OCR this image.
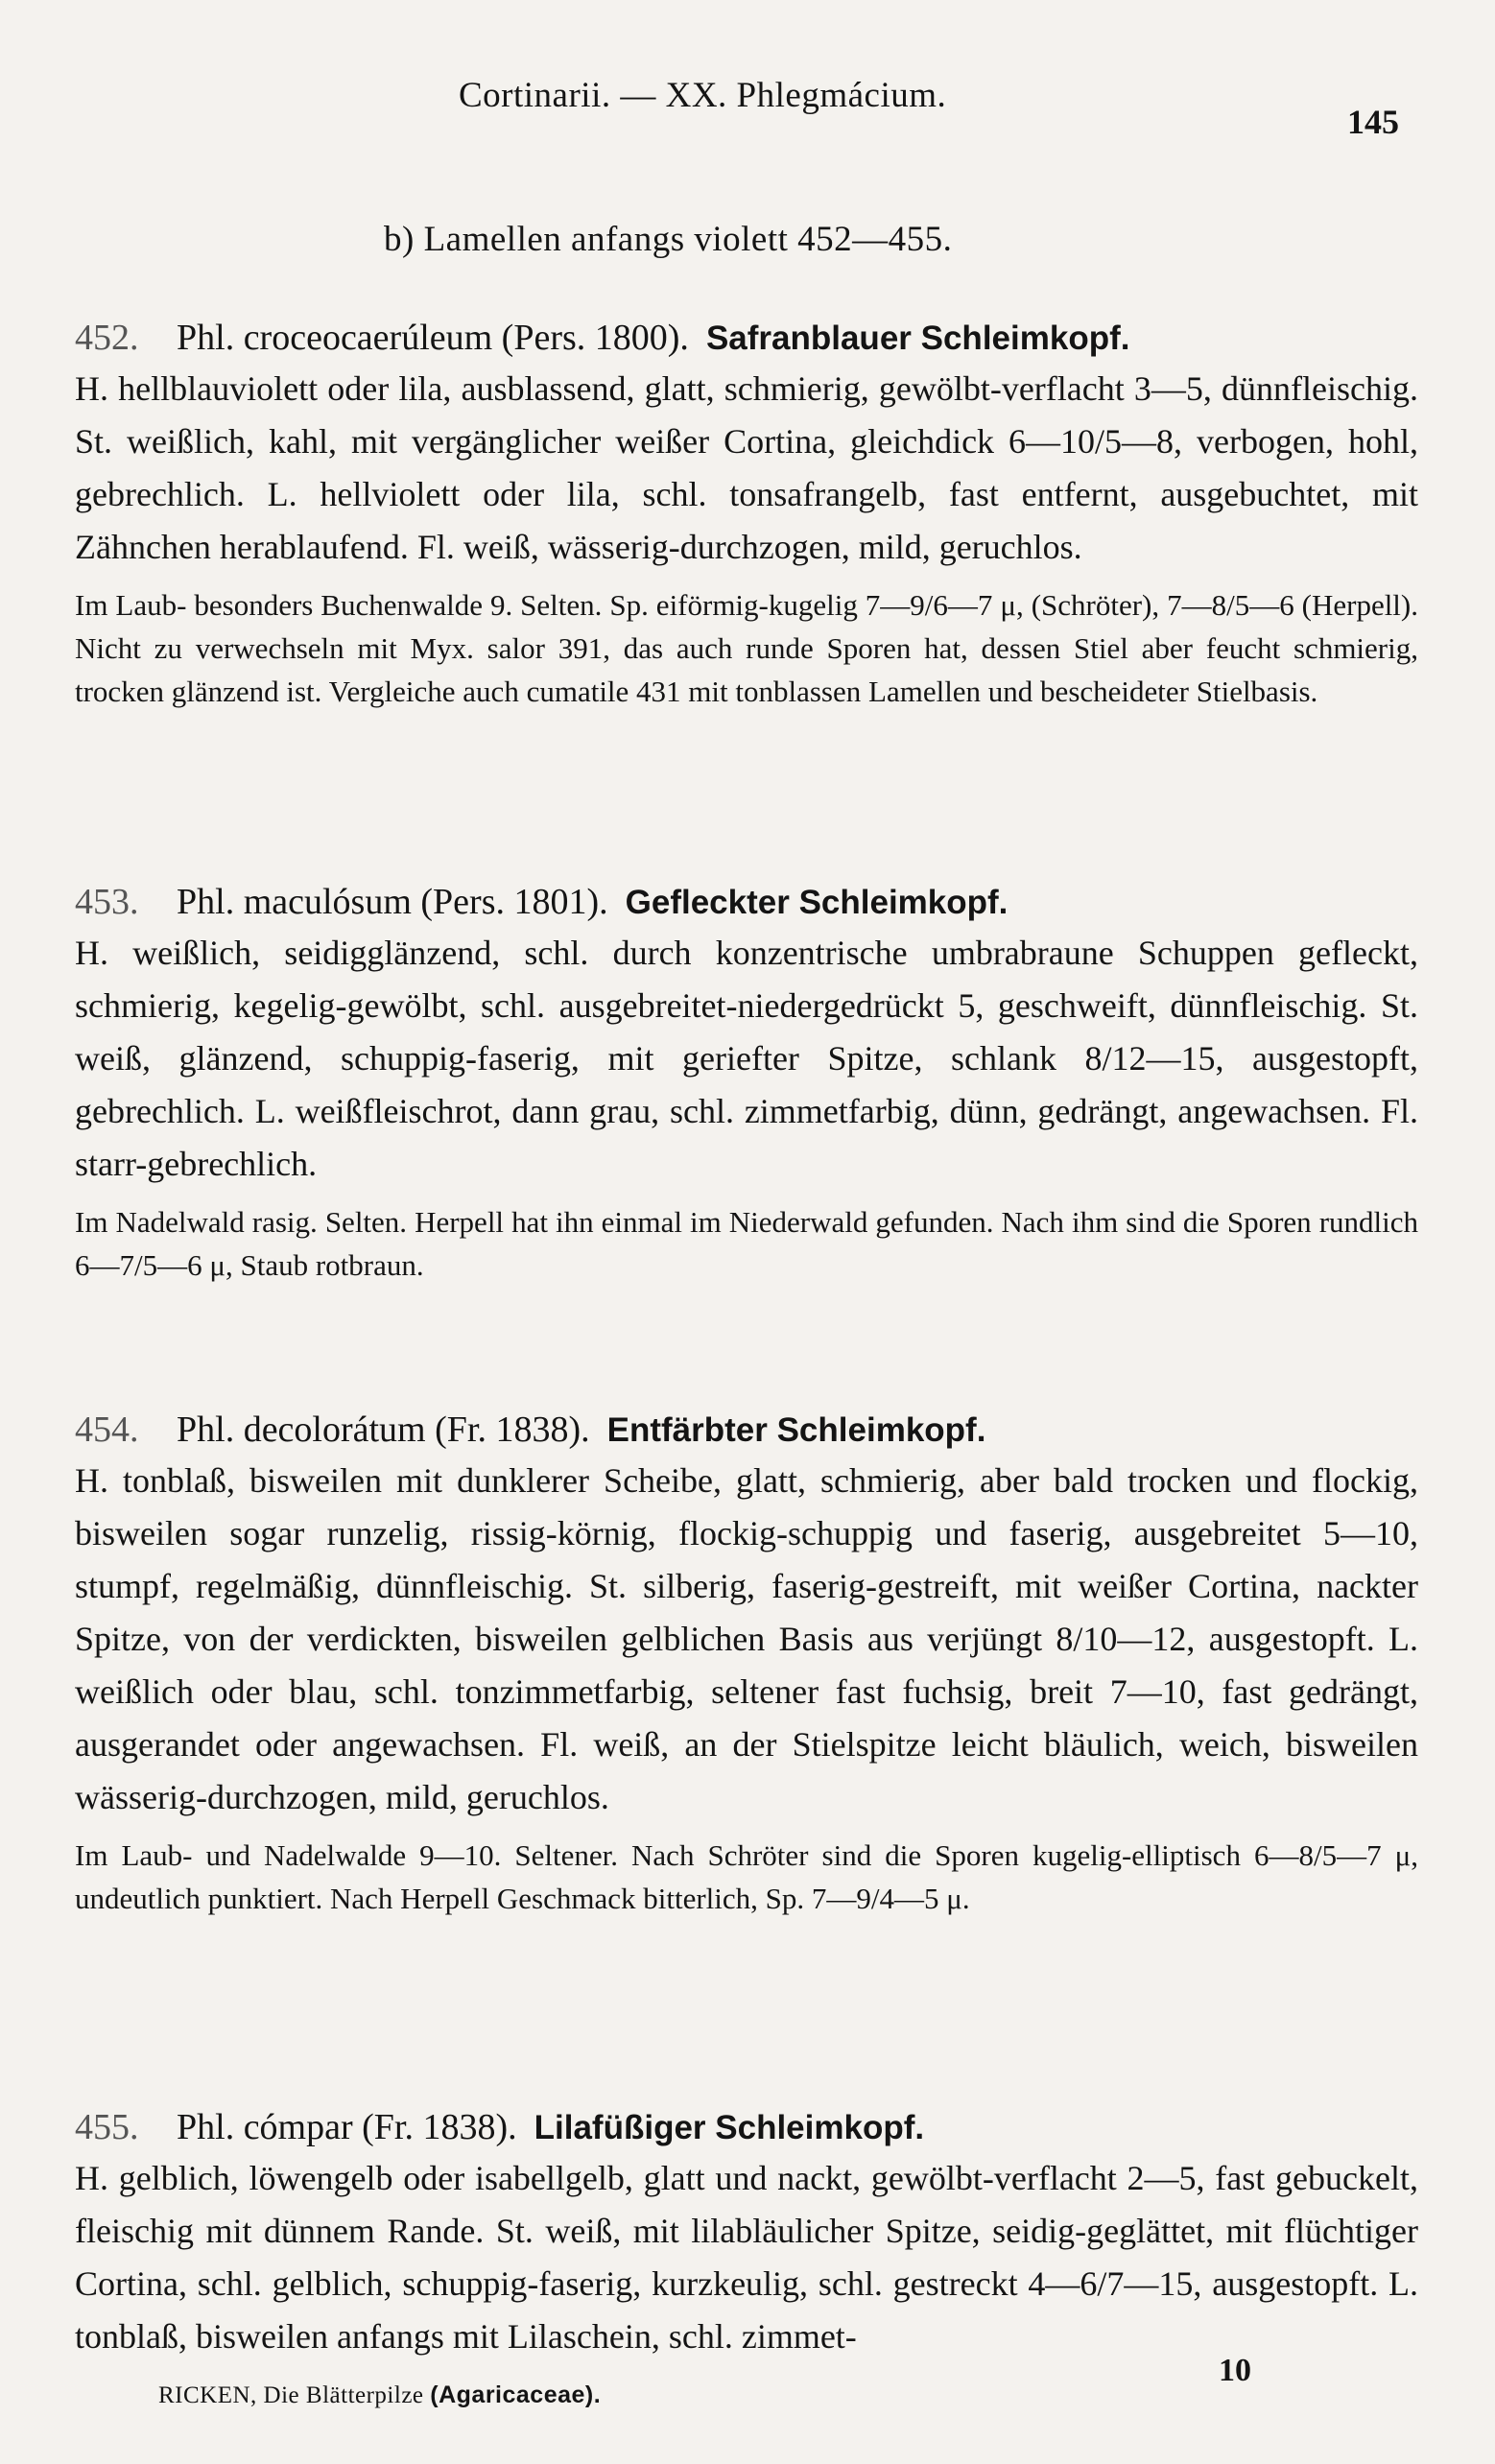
Cortinarii. — XX. Phlegmácium.
145
b) Lamellen anfangs violett 452—455.

452. Phl. croceocaerúleum (Pers. 1800). Safranblauer Schleimkopf.

H. hellblauviolett oder lila, ausblassend, glatt, schmierig, gewölbt-verflacht 3—5, dünnfleischig. St. weißlich, kahl, mit vergänglicher weißer Cortina, gleichdick 6—10/5—8, verbogen, hohl, gebrechlich. L. hellviolett oder lila, schl. tonsafrangelb, fast entfernt, ausgebuchtet, mit Zähnchen herablaufend. Fl. weiß, wässerig-durchzogen, mild, geruchlos.

Im Laub- besonders Buchenwalde 9. Selten. Sp. eiförmig-kugelig 7—9/6—7 μ, (Schröter), 7—8/5—6 (Herpell). Nicht zu verwechseln mit Myx. salor 391, das auch runde Sporen hat, dessen Stiel aber feucht schmierig, trocken glänzend ist. Vergleiche auch cumatile 431 mit tonblassen Lamellen und bescheideter Stielbasis.

453. Phl. maculósum (Pers. 1801). Gefleckter Schleimkopf.

H. weißlich, seidigglänzend, schl. durch konzentrische umbrabraune Schuppen gefleckt, schmierig, kegelig-gewölbt, schl. ausgebreitet-niedergedrückt 5, geschweift, dünnfleischig. St. weiß, glänzend, schuppig-faserig, mit geriefter Spitze, schlank 8/12—15, ausgestopft, gebrechlich. L. weißfleischrot, dann grau, schl. zimmetfarbig, dünn, gedrängt, angewachsen. Fl. starr-gebrechlich.

Im Nadelwald rasig. Selten. Herpell hat ihn einmal im Niederwald gefunden. Nach ihm sind die Sporen rundlich 6—7/5—6 μ, Staub rotbraun.

454. Phl. decolorátum (Fr. 1838). Entfärbter Schleimkopf.

H. tonblaß, bisweilen mit dunklerer Scheibe, glatt, schmierig, aber bald trocken und flockig, bisweilen sogar runzelig, rissig-körnig, flockig-schuppig und faserig, ausgebreitet 5—10, stumpf, regelmäßig, dünnfleischig. St. silberig, faserig-gestreift, mit weißer Cortina, nackter Spitze, von der verdickten, bisweilen gelblichen Basis aus verjüngt 8/10—12, ausgestopft. L. weißlich oder blau, schl. tonzimmetfarbig, seltener fast fuchsig, breit 7—10, fast gedrängt, ausgerandet oder angewachsen. Fl. weiß, an der Stielspitze leicht bläulich, weich, bisweilen wässerig-durchzogen, mild, geruchlos.

Im Laub- und Nadelwalde 9—10. Seltener. Nach Schröter sind die Sporen kugelig-elliptisch 6—8/5—7 μ, undeutlich punktiert. Nach Herpell Geschmack bitterlich, Sp. 7—9/4—5 μ.

455. Phl. cómpar (Fr. 1838). Lilafüßiger Schleimkopf.

H. gelblich, löwengelb oder isabellgelb, glatt und nackt, gewölbt-verflacht 2—5, fast gebuckelt, fleischig mit dünnem Rande. St. weiß, mit lilabläulicher Spitze, seidig-geglättet, mit flüchtiger Cortina, schl. gelblich, schuppig-faserig, kurzkeulig, schl. gestreckt 4—6/7—15, ausgestopft. L. tonblaß, bisweilen anfangs mit Lilaschein, schl. zimmet-

RICKEN, Die Blätterpilze (Agaricaceae).
10
